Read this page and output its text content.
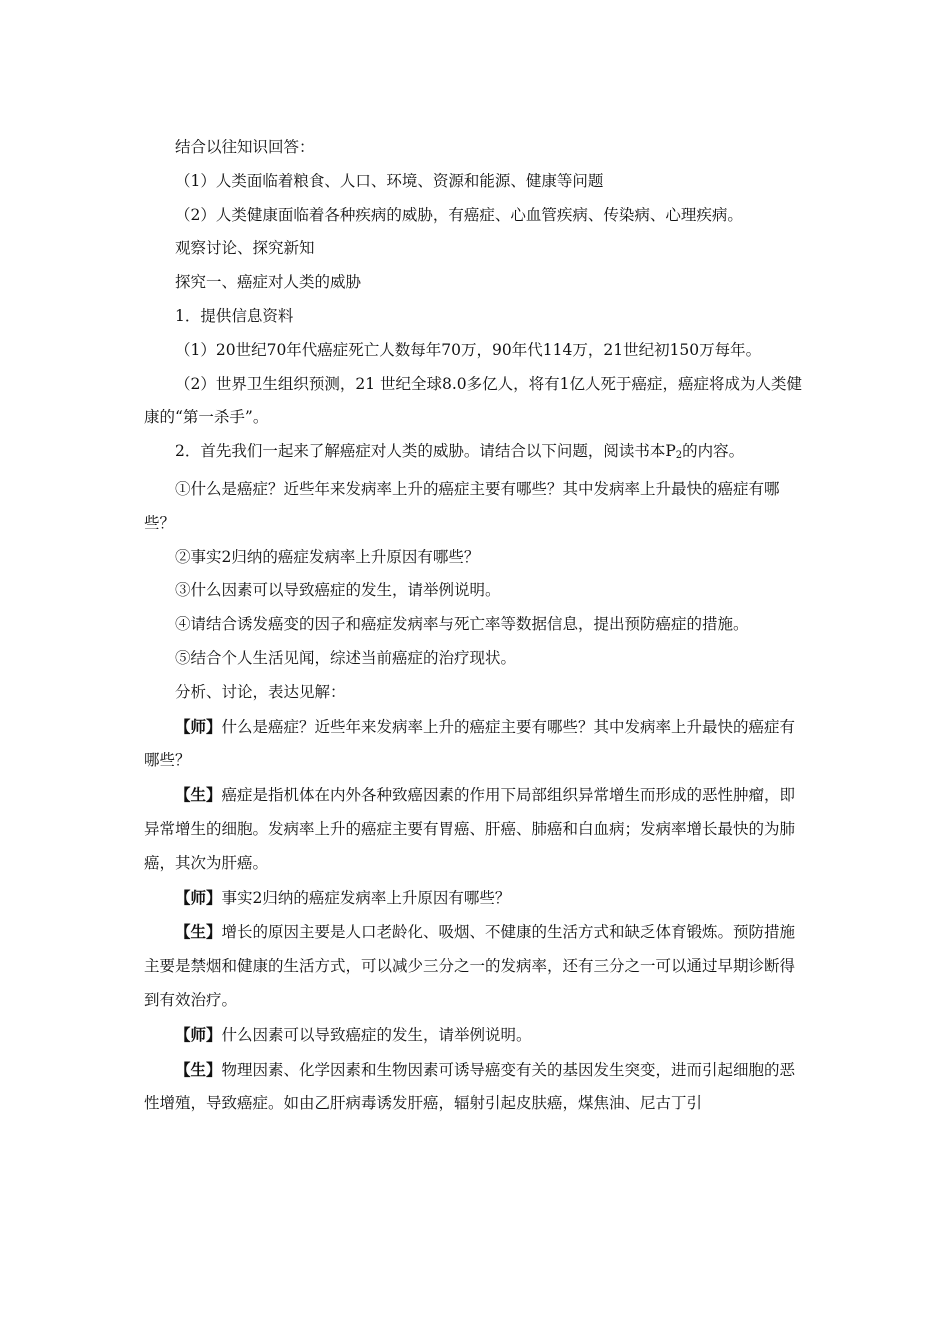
结合以往知识回答：

（1）人类面临着粮食、人口、环境、资源和能源、健康等问题

（2）人类健康面临着各种疾病的威胁，有癌症、心血管疾病、传染病、心理疾病。

观察讨论、探究新知

探究一、癌症对人类的威胁

1．提供信息资料

（1）20世纪70年代癌症死亡人数每年70万，90年代114万，21世纪初150万每年。

（2）世界卫生组织预测，21 世纪全球8.0多亿人，将有1亿人死于癌症，癌症将成为人类健康的“第一杀手”。

2．首先我们一起来了解癌症对人类的威胁。请结合以下问题，阅读书本$P_2$的内容。

①什么是癌症？近些年来发病率上升的癌症主要有哪些？其中发病率上升最快的癌症有哪些？

②事实2归纳的癌症发病率上升原因有哪些？

③什么因素可以导致癌症的发生，请举例说明。

④请结合诱发癌变的因子和癌症发病率与死亡率等数据信息，提出预防癌症的措施。

⑤结合个人生活见闻，综述当前癌症的治疗现状。

分析、讨论，表达见解：

【师】什么是癌症？近些年来发病率上升的癌症主要有哪些？其中发病率上升最快的癌症有哪些？

【生】癌症是指机体在内外各种致癌因素的作用下局部组织异常增生而形成的恶性肿瘤，即异常增生的细胞。发病率上升的癌症主要有胃癌、肝癌、肺癌和白血病；发病率增长最快的为肺癌，其次为肝癌。

【师】事实2归纳的癌症发病率上升原因有哪些？

【生】增长的原因主要是人口老龄化、吸烟、不健康的生活方式和缺乏体育锻炼。预防措施主要是禁烟和健康的生活方式，可以减少三分之一的发病率，还有三分之一可以通过早期诊断得到有效治疗。

【师】什么因素可以导致癌症的发生，请举例说明。

【生】物理因素、化学因素和生物因素可诱导癌变有关的基因发生突变，进而引起细胞的恶性增殖，导致癌症。如由乙肝病毒诱发肝癌，辐射引起皮肤癌，煤焦油、尼古丁引
